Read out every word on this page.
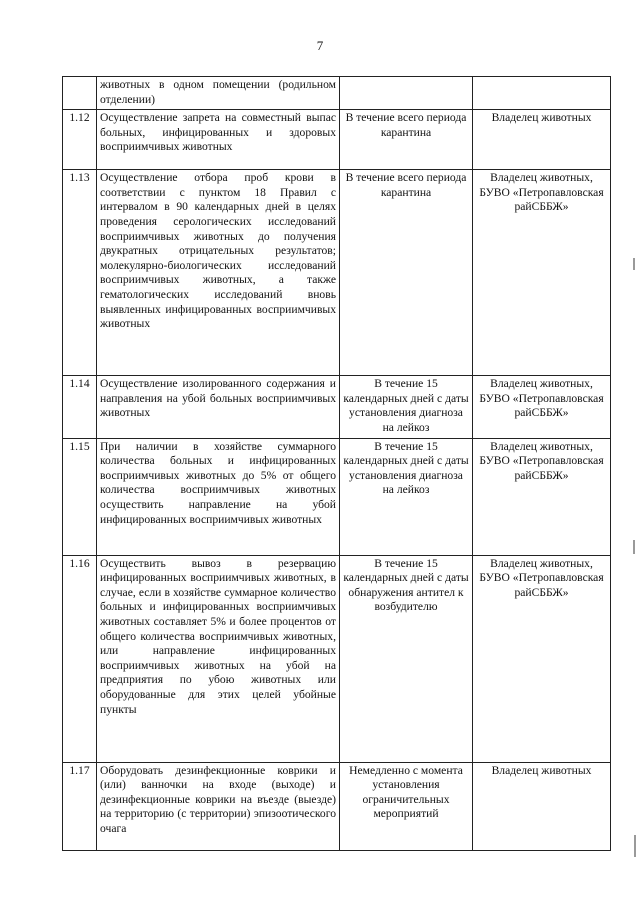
7

	животных в одном помещении (родильном отделении)		

1.12	Осуществление запрета на совместный выпас больных, инфицированных и здоровых восприимчивых животных	В течение всего периода карантина	Владелец животных
1.13	Осуществление отбора проб крови в соответствии с пунктом 18 Правил с интервалом в 90 календарных дней в целях проведения серологических исследований восприимчивых животных до получения двукратных отрицательных результатов; молекулярно-биологических исследований восприимчивых животных, а также гематологических исследований вновь выявленных инфицированных восприимчивых животных	В течение всего периода карантина	Владелец животных, БУВО «Петропавловская райСББЖ»
1.14	Осуществление изолированного содержания и направления на убой больных восприимчивых животных	В течение 15 календарных дней с даты установления диагноза на лейкоз	Владелец животных, БУВО «Петропавловская райСББЖ»
1.15	При наличии в хозяйстве суммарного количества больных и инфицированных восприимчивых животных до 5% от общего количества восприимчивых животных осуществить направление на убой инфицированных восприимчивых животных	В течение 15 календарных дней с даты установления диагноза на лейкоз	Владелец животных, БУВО «Петропавловская райСББЖ»
1.16	Осуществить вывоз в резервацию инфицированных восприимчивых животных, в случае, если в хозяйстве суммарное количество больных и инфицированных восприимчивых животных составляет 5% и более процентов от общего количества восприимчивых животных, или направление инфицированных восприимчивых животных на убой на предприятия по убою животных или оборудованные для этих целей убойные пункты	В течение 15 календарных дней с даты обнаружения антител к возбудителю	Владелец животных, БУВО «Петропавловская райСББЖ»
1.17	Оборудовать дезинфекционные коврики и (или) ванночки на входе (выходе) и дезинфекционные коврики на въезде (выезде) на территорию (с территории) эпизоотического очага	Немедленно с момента установления ограничительных мероприятий	Владелец животных
